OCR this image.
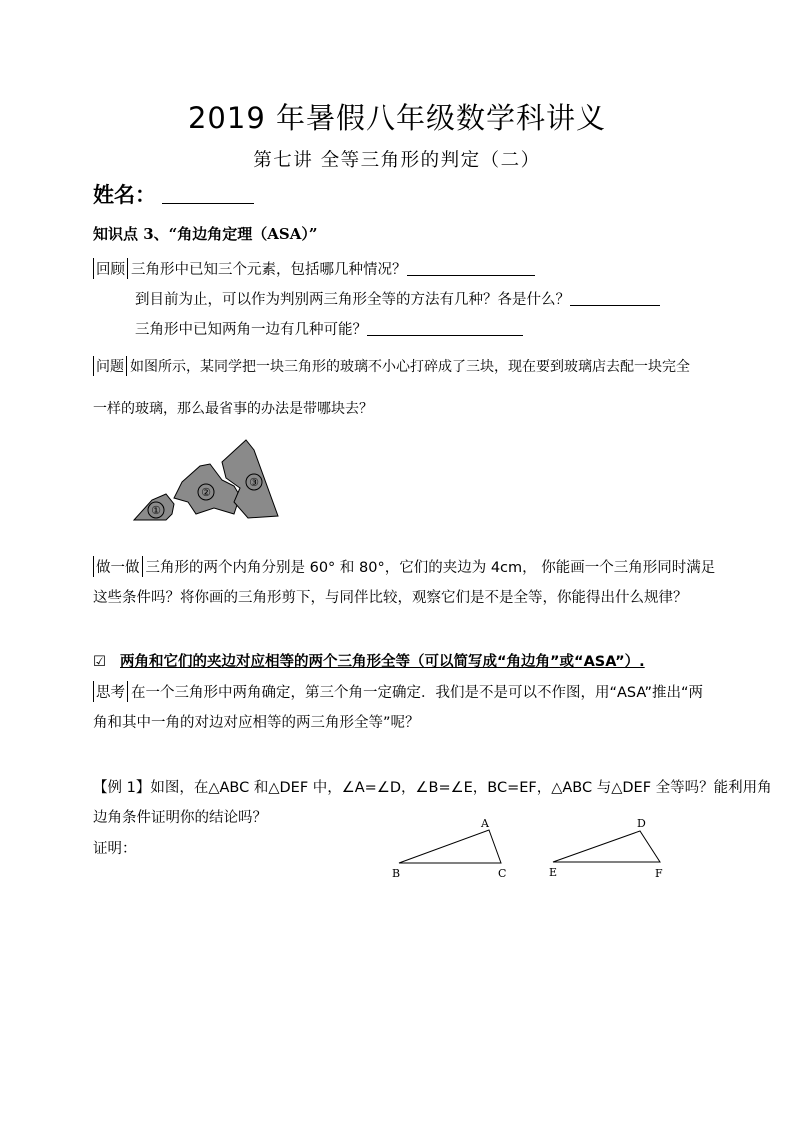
2019 年暑假八年级数学科讲义
第七讲 全等三角形的判定（二）
姓名：
知识点 3、“角边角定理（ASA）”
回顾 三角形中已知三个元素，包括哪几种情况？
到目前为止，可以作为判别两三角形全等的方法有几种？各是什么？
三角形中已知两角一边有几种可能？
问题 如图所示，某同学把一块三角形的玻璃不小心打碎成了三块，现在要到玻璃店去配一块完全
一样的玻璃，那么最省事的办法是带哪块去？
①
②
③
做一做 三角形的两个内角分别是 60° 和 80°，它们的夹边为 4cm， 你能画一个三角形同时满足
这些条件吗？将你画的三角形剪下，与同伴比较，观察它们是不是全等，你能得出什么规律？
☑ 两角和它们的夹边对应相等的两个三角形全等（可以简写成“角边角”或“ASA”）.
思考 在一个三角形中两角确定，第三个角一定确定．我们是不是可以不作图，用“ASA”推出“两
角和其中一角的对边对应相等的两三角形全等”呢？
【例 1】如图，在△ABC 和△DEF 中，∠A=∠D，∠B=∠E，BC=EF，△ABC 与△DEF 全等吗？能利用角
边角条件证明你的结论吗？
证明：
A
B	C
D
E	F
